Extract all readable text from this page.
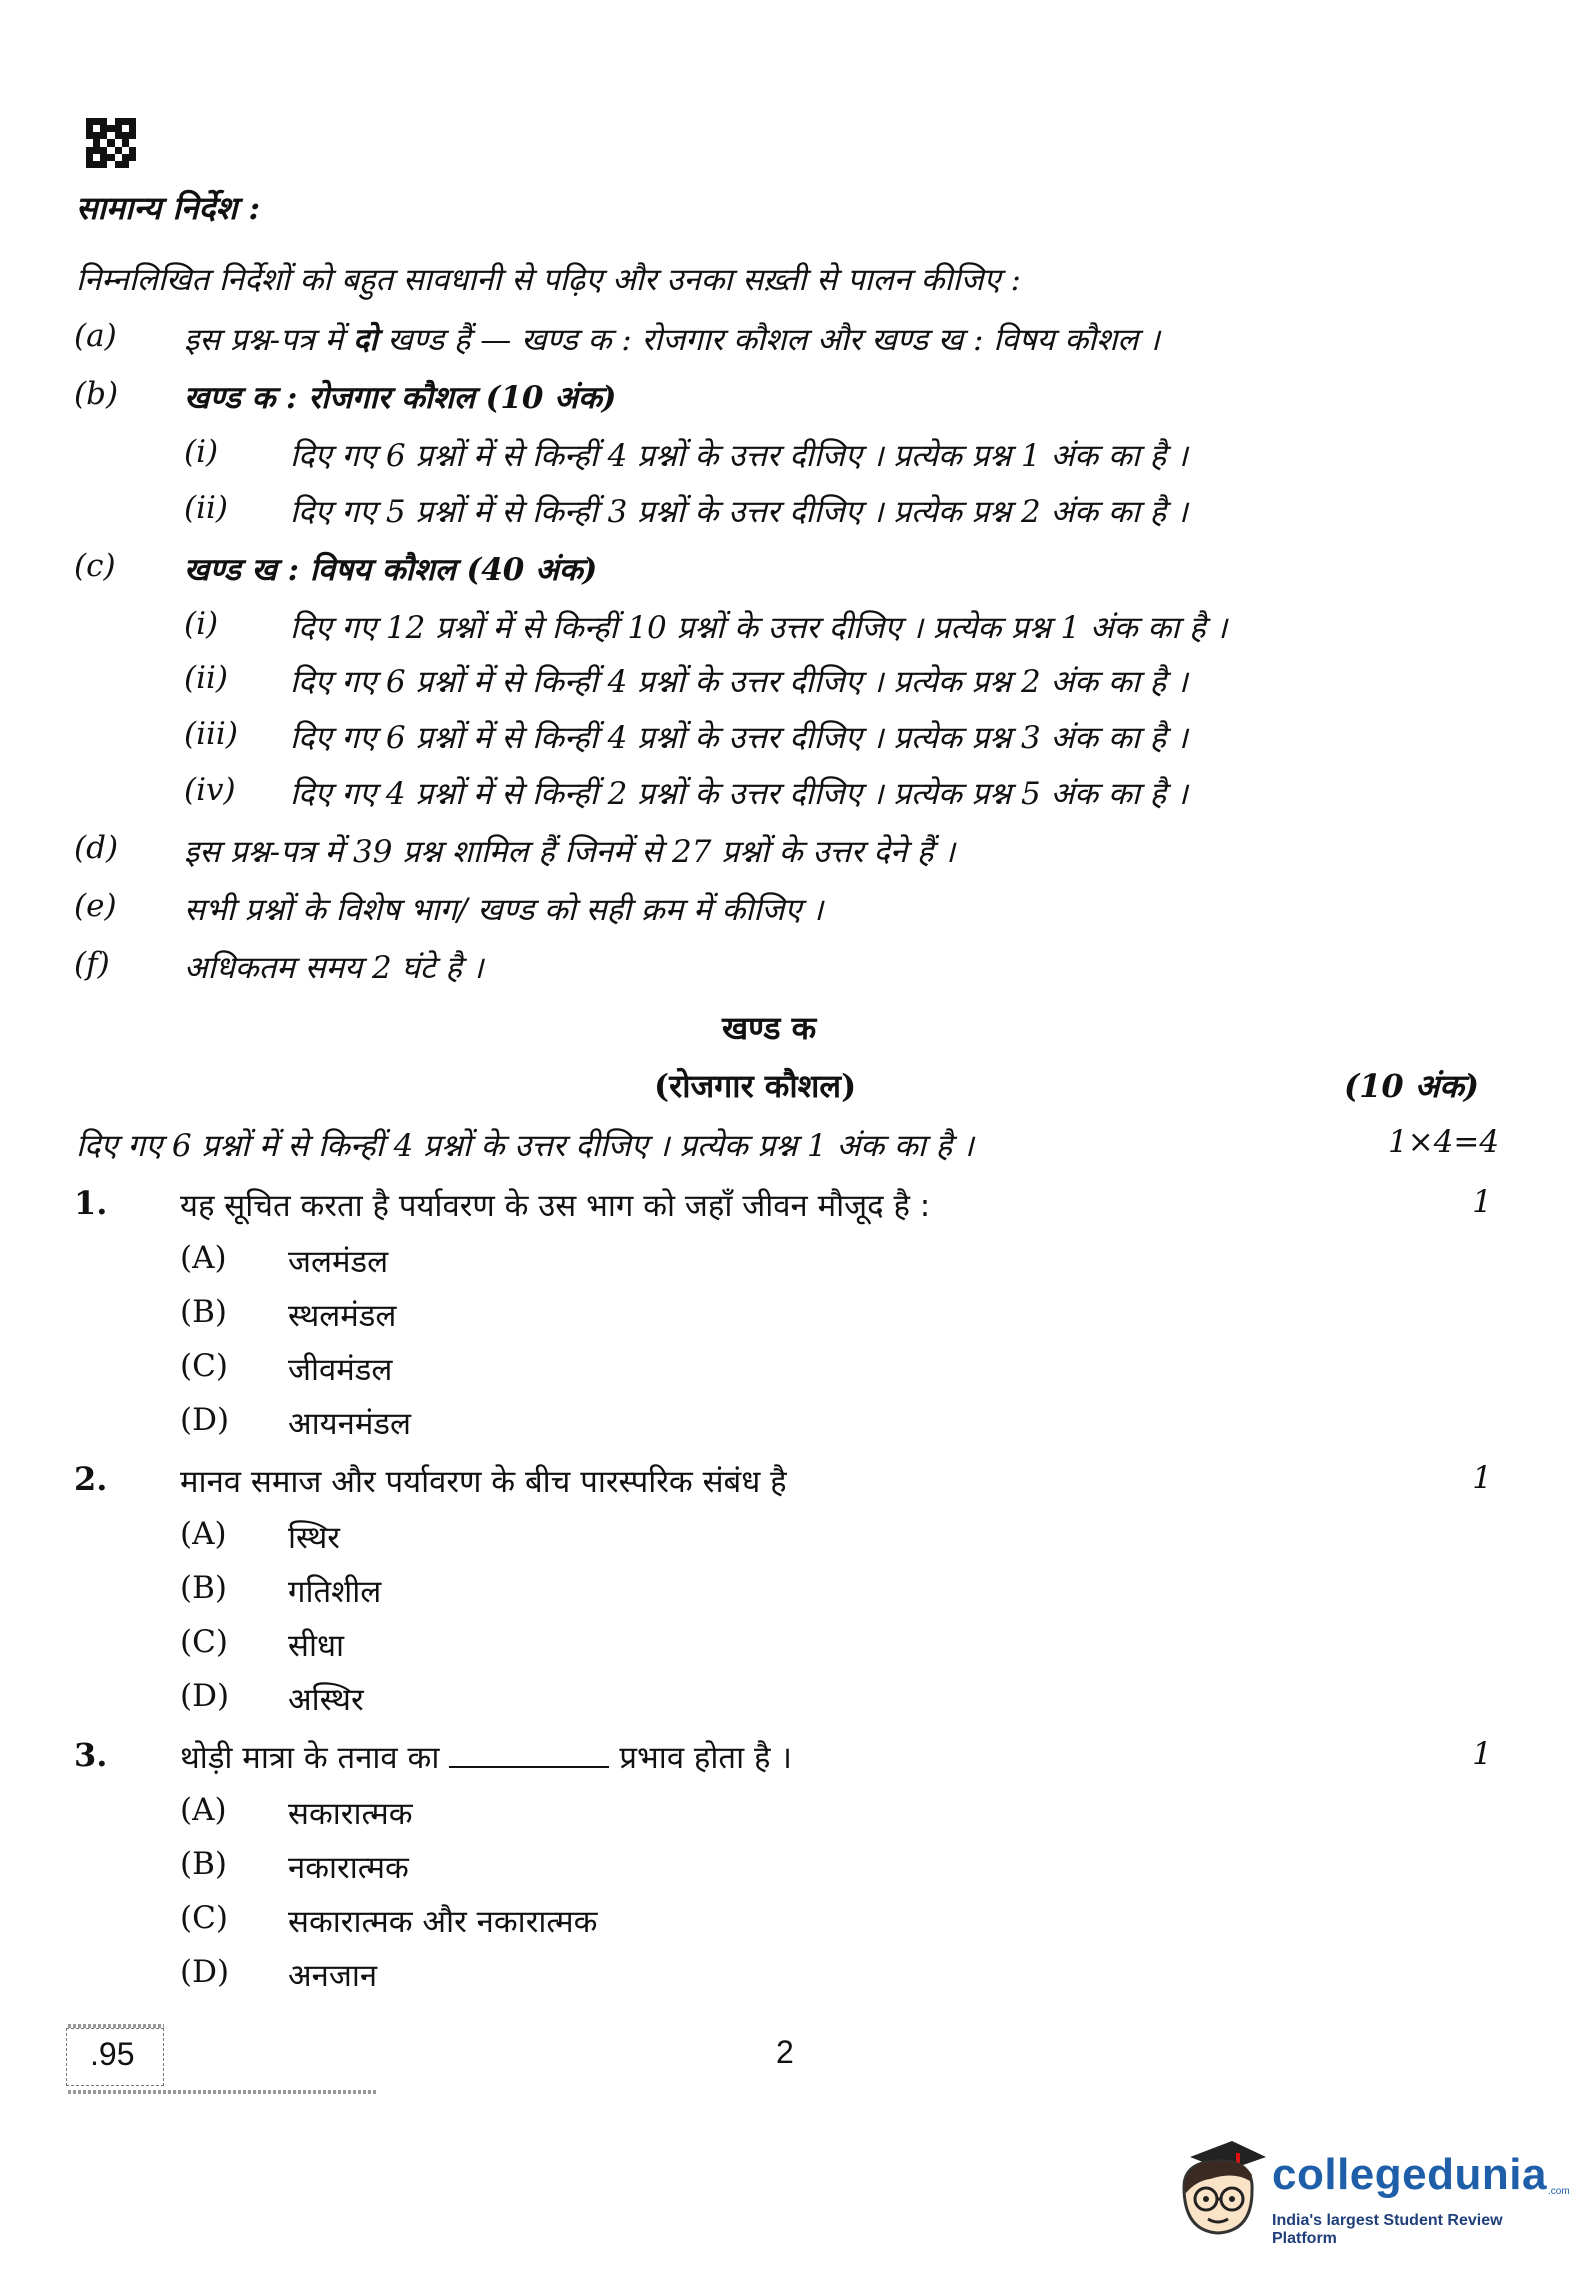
सामान्य निर्देश :
निम्नलिखित निर्देशों को बहुत सावधानी से पढ़िए और उनका सख़्ती से पालन कीजिए :
(a) इस प्रश्न-पत्र में दो खण्ड हैं — खण्ड क : रोजगार कौशल और खण्ड ख : विषय कौशल ।
(b) खण्ड क : रोजगार कौशल (10 अंक)
(i) दिए गए 6 प्रश्नों में से किन्हीं 4 प्रश्नों के उत्तर दीजिए । प्रत्येक प्रश्न 1 अंक का है ।
(ii) दिए गए 5 प्रश्नों में से किन्हीं 3 प्रश्नों के उत्तर दीजिए । प्रत्येक प्रश्न 2 अंक का है ।
(c) खण्ड ख : विषय कौशल (40 अंक)
(i) दिए गए 12 प्रश्नों में से किन्हीं 10 प्रश्नों के उत्तर दीजिए । प्रत्येक प्रश्न 1 अंक का है ।
(ii) दिए गए 6 प्रश्नों में से किन्हीं 4 प्रश्नों के उत्तर दीजिए । प्रत्येक प्रश्न 2 अंक का है ।
(iii) दिए गए 6 प्रश्नों में से किन्हीं 4 प्रश्नों के उत्तर दीजिए । प्रत्येक प्रश्न 3 अंक का है ।
(iv) दिए गए 4 प्रश्नों में से किन्हीं 2 प्रश्नों के उत्तर दीजिए । प्रत्येक प्रश्न 5 अंक का है ।
(d) इस प्रश्न-पत्र में 39 प्रश्न शामिल हैं जिनमें से 27 प्रश्नों के उत्तर देने हैं ।
(e) सभी प्रश्नों के विशेष भाग/ खण्ड को सही क्रम में कीजिए ।
(f) अधिकतम समय 2 घंटे है ।
खण्ड क
(रोजगार कौशल)	(10 अंक)
दिए गए 6 प्रश्नों में से किन्हीं 4 प्रश्नों के उत्तर दीजिए । प्रत्येक प्रश्न 1 अंक का है ।	1×4=4
1. यह सूचित करता है पर्यावरण के उस भाग को जहाँ जीवन मौजूद है :	1
(A) जलमंडल
(B) स्थलमंडल
(C) जीवमंडल
(D) आयनमंडल
2. मानव समाज और पर्यावरण के बीच पारस्परिक संबंध है	1
(A) स्थिर
(B) गतिशील
(C) सीधा
(D) अस्थिर
3. थोड़ी मात्रा के तनाव का	प्रभाव होता है ।	1
(A) सकारात्मक
(B) नकारात्मक
(C) सकारात्मक और नकारात्मक
(D) अनजान
.95	2
collegedunia .com
India's largest Student Review Platform
